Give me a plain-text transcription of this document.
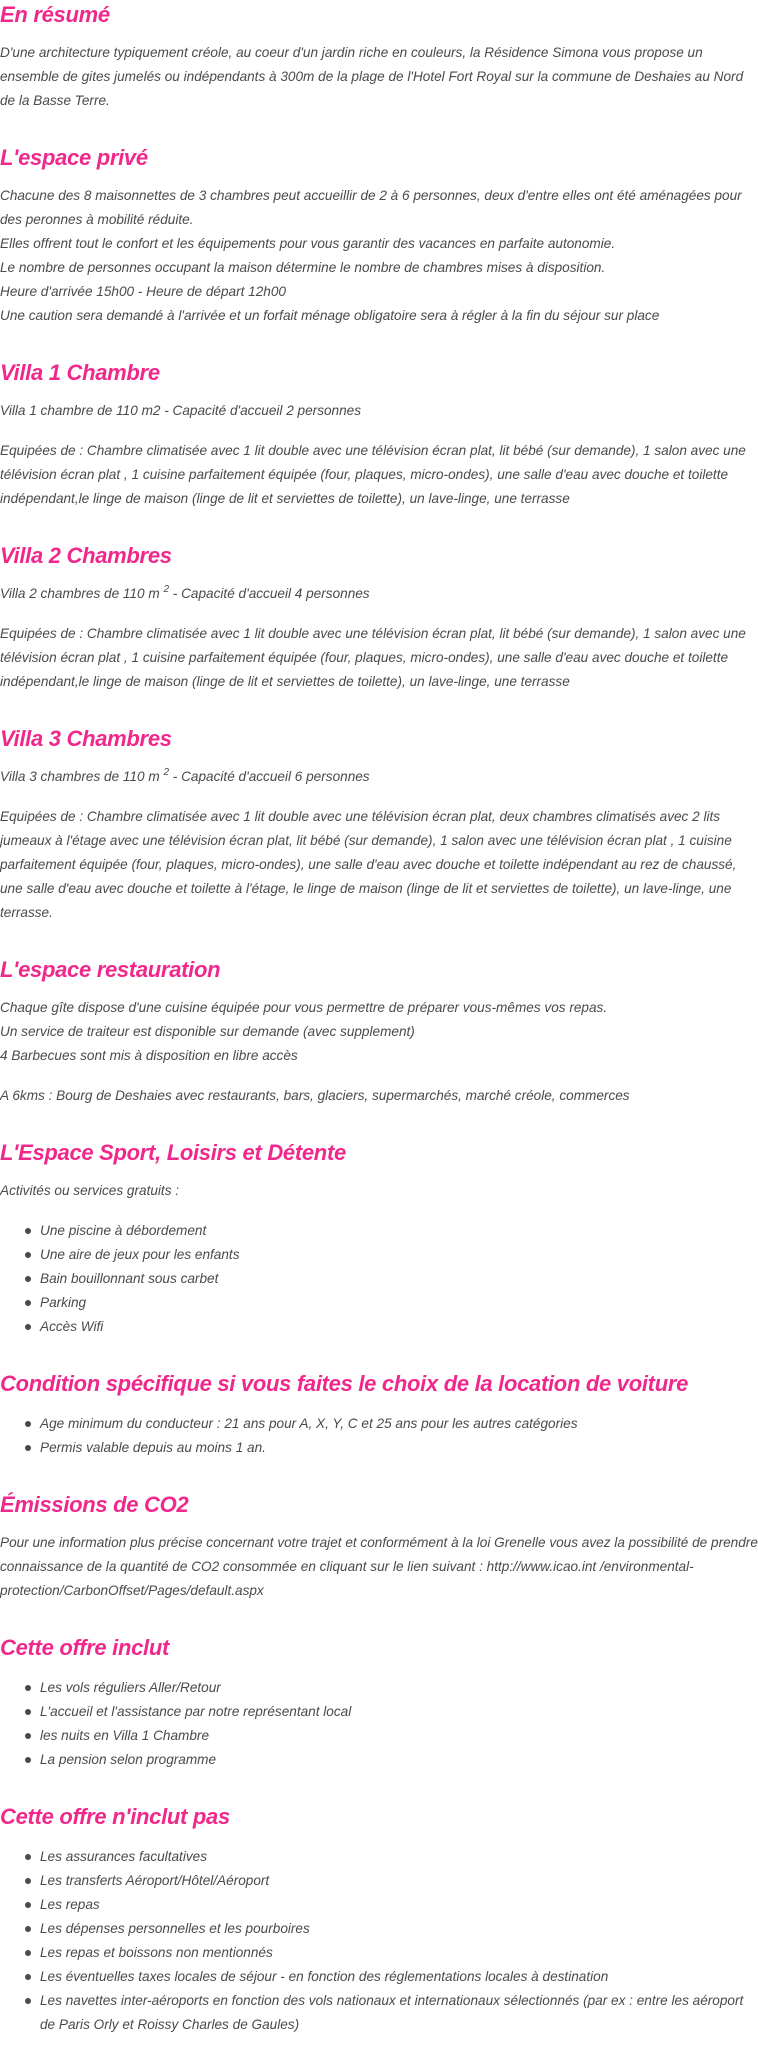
En résumé

D'une architecture typiquement créole, au coeur d'un jardin riche en couleurs, la Résidence Simona vous propose un ensemble de gites jumelés ou indépendants à 300m de la plage de l'Hotel Fort Royal sur la commune de Deshaies au Nord de la Basse Terre.

L'espace privé

Chacune des 8 maisonnettes de 3 chambres peut accueillir de 2 à 6 personnes, deux d'entre elles ont été aménagées pour des peronnes à mobilité réduite.
Elles offrent tout le confort et les équipements pour vous garantir des vacances en parfaite autonomie.
Le nombre de personnes occupant la maison détermine le nombre de chambres mises à disposition.
Heure d'arrivée 15h00 - Heure de départ 12h00
Une caution sera demandé à l'arrivée et un forfait ménage obligatoire sera à régler à la fin du séjour sur place

Villa 1 Chambre

Villa 1 chambre de 110 m2 - Capacité d'accueil 2 personnes

Equipées de : Chambre climatisée avec 1 lit double avec une télévision écran plat, lit bébé (sur demande), 1 salon avec une télévision écran plat , 1 cuisine parfaitement équipée (four, plaques, micro-ondes), une salle d'eau avec douche et toilette indépendant,le linge de maison (linge de lit et serviettes de toilette), un lave-linge, une terrasse

Villa 2 Chambres

Villa 2 chambres de 110 m $^2$ - Capacité d'accueil 4 personnes

Equipées de : Chambre climatisée avec 1 lit double avec une télévision écran plat, lit bébé (sur demande), 1 salon avec une télévision écran plat , 1 cuisine parfaitement équipée (four, plaques, micro-ondes), une salle d'eau avec douche et toilette indépendant,le linge de maison (linge de lit et serviettes de toilette), un lave-linge, une terrasse

Villa 3 Chambres

Villa 3 chambres de 110 m $^2$ - Capacité d'accueil 6 personnes

Equipées de : Chambre climatisée avec 1 lit double avec une télévision écran plat, deux chambres climatisés avec 2 lits jumeaux à l'étage avec une télévision écran plat, lit bébé (sur demande), 1 salon avec une télévision écran plat , 1 cuisine parfaitement équipée (four, plaques, micro-ondes), une salle d'eau avec douche et toilette indépendant au rez de chaussé, une salle d'eau avec douche et toilette à l'étage, le linge de maison (linge de lit et serviettes de toilette), un lave-linge, une terrasse.

L'espace restauration

Chaque gîte dispose d'une cuisine équipée pour vous permettre de préparer vous-mêmes vos repas.
Un service de traiteur est disponible sur demande (avec supplement)
4 Barbecues sont mis à disposition en libre accès

A 6kms : Bourg de Deshaies avec restaurants, bars, glaciers, supermarchés, marché créole, commerces

L'Espace Sport, Loisirs et Détente

Activités ou services gratuits :

Une piscine à débordement
Une aire de jeux pour les enfants
Bain bouillonnant sous carbet
Parking
Accès Wifi
Condition spécifique si vous faites le choix de la location de voiture
Age minimum du conducteur : 21 ans pour A, X, Y, C et 25 ans pour les autres catégories
Permis valable depuis au moins 1 an.
Émissions de CO2

Pour une information plus précise concernant votre trajet et conformément à la loi Grenelle vous avez la possibilité de prendre connaissance de la quantité de CO2 consommée en cliquant sur le lien suivant : http://www.icao.int /environmental-protection/CarbonOffset/Pages/default.aspx

Cette offre inclut
Les vols réguliers Aller/Retour
L'accueil et l'assistance par notre représentant local
les nuits en Villa 1 Chambre
La pension selon programme
Cette offre n'inclut pas
Les assurances facultatives
Les transferts Aéroport/Hôtel/Aéroport
Les repas
Les dépenses personnelles et les pourboires
Les repas et boissons non mentionnés
Les éventuelles taxes locales de séjour - en fonction des réglementations locales à destination
Les navettes inter-aéroports en fonction des vols nationaux et internationaux sélectionnés (par ex : entre les aéroport de Paris Orly et Roissy Charles de Gaules)
